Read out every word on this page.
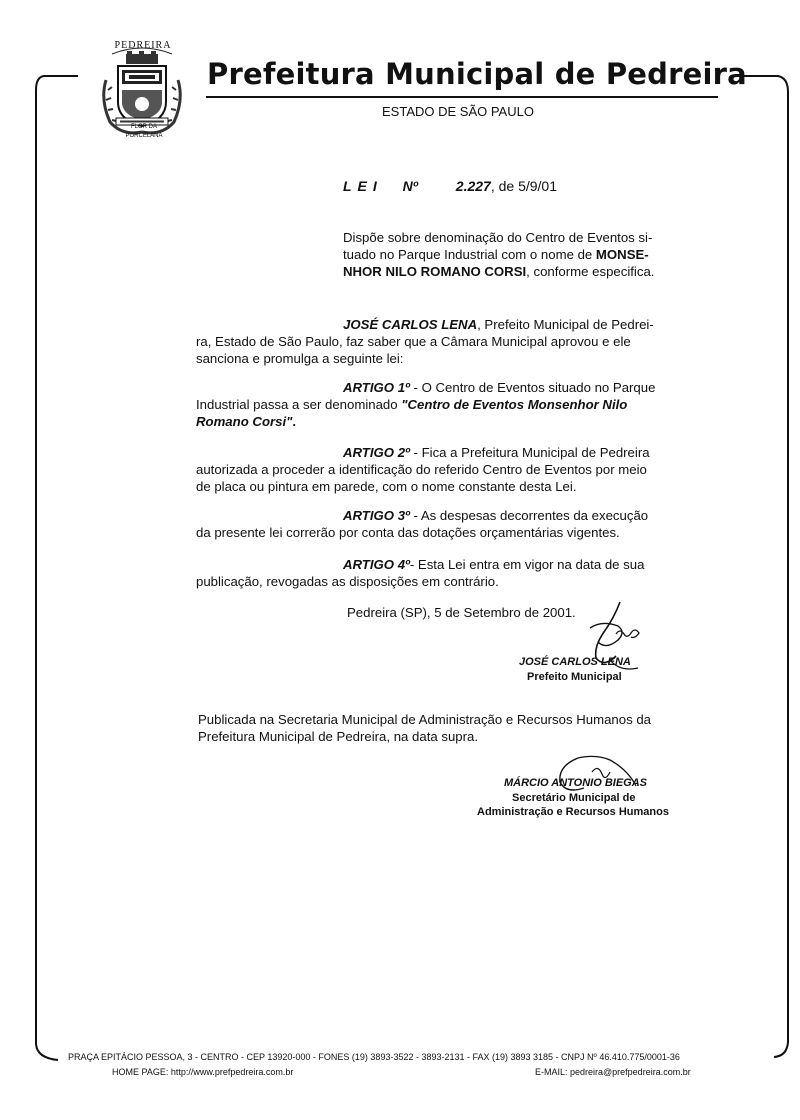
PEDREIRA
FLOR DA
PORCELANA
Prefeitura Municipal de Pedreira
ESTADO DE SÃO PAULO
LEI Nº	2.227, de 5/9/01
Dispõe sobre denominação do Centro de Eventos si-
tuado no Parque Industrial com o nome de MONSE-
NHOR NILO ROMANO CORSI, conforme especifica.
JOSÉ CARLOS LENA, Prefeito Municipal de Pedrei-
ra, Estado de São Paulo, faz saber que a Câmara Municipal aprovou e ele
sanciona e promulga a seguinte lei:
ARTIGO 1º - O Centro de Eventos situado no Parque
Industrial passa a ser denominado "Centro de Eventos Monsenhor Nilo
Romano Corsi".
ARTIGO 2º - Fica a Prefeitura Municipal de Pedreira
autorizada a proceder a identificação do referido Centro de Eventos por meio
de placa ou pintura em parede, com o nome constante desta Lei.
ARTIGO 3º - As despesas decorrentes da execução
da presente lei correrão por conta das dotações orçamentárias vigentes.
ARTIGO 4º- Esta Lei entra em vigor na data de sua
publicação, revogadas as disposições em contrário.
Pedreira (SP), 5 de Setembro de 2001.
JOSÉ CARLOS LENA
Prefeito Municipal
Publicada na Secretaria Municipal de Administração e Recursos Humanos da
Prefeitura Municipal de Pedreira, na data supra.
MÁRCIO ANTONIO BIEGAS
Secretário Municipal de
Administração e Recursos Humanos
PRAÇA EPITÁCIO PESSOA, 3 - CENTRO - CEP 13920-000 - FONES (19) 3893-3522 - 3893-2131 - FAX (19) 3893 3185 - CNPJ Nº 46.410.775/0001-36
HOME PAGE: http://www.prefpedreira.com.br	E-MAIL: pedreira@prefpedreira.com.br
